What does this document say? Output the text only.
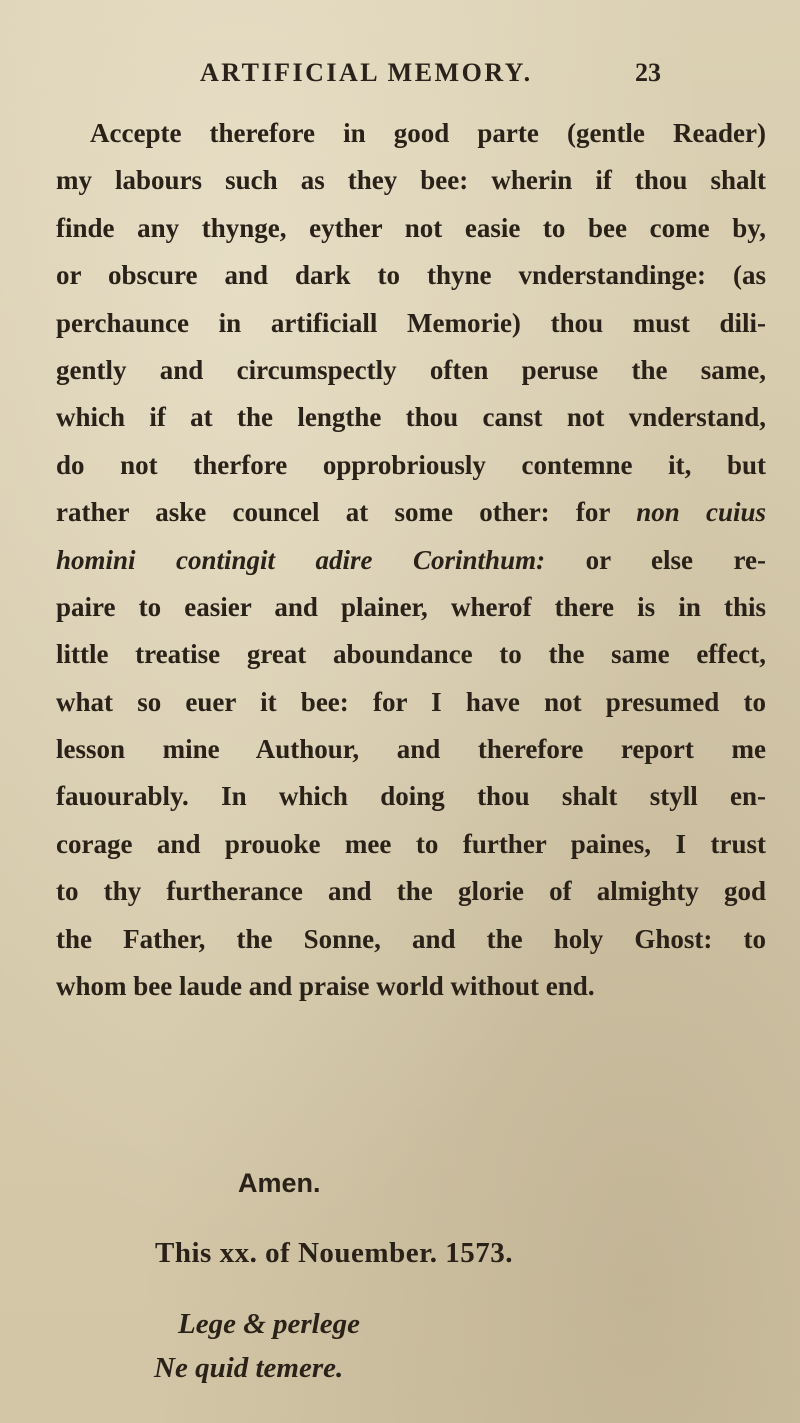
ARTIFICIAL MEMORY.	23
Accepte therefore in good parte (gentle Reader)
my labours such as they bee: wherin if thou shalt
finde any thynge, eyther not easie to bee come by,
or obscure and dark to thyne vnderstandinge: (as
perchaunce in artificiall Memorie) thou must dili-
gently and circumspectly often peruse the same,
which if at the lengthe thou canst not vnderstand,
do not therfore opprobriously contemne it, but
rather aske councel at some other: for non cuius
homini contingit adire Corinthum: or else re-
paire to easier and plainer, wherof there is in this
little treatise great aboundance to the same effect,
what so euer it bee: for I have not presumed to
lesson mine Authour, and therefore report me
fauourably. In which doing thou shalt styll en-
corage and prouoke mee to further paines, I trust
to thy furtherance and the glorie of almighty god
the Father, the Sonne, and the holy Ghost: to
whom bee laude and praise world without end.
Amen.
This xx. of Nouember. 1573.
Lege & perlege
Ne quid temere.
